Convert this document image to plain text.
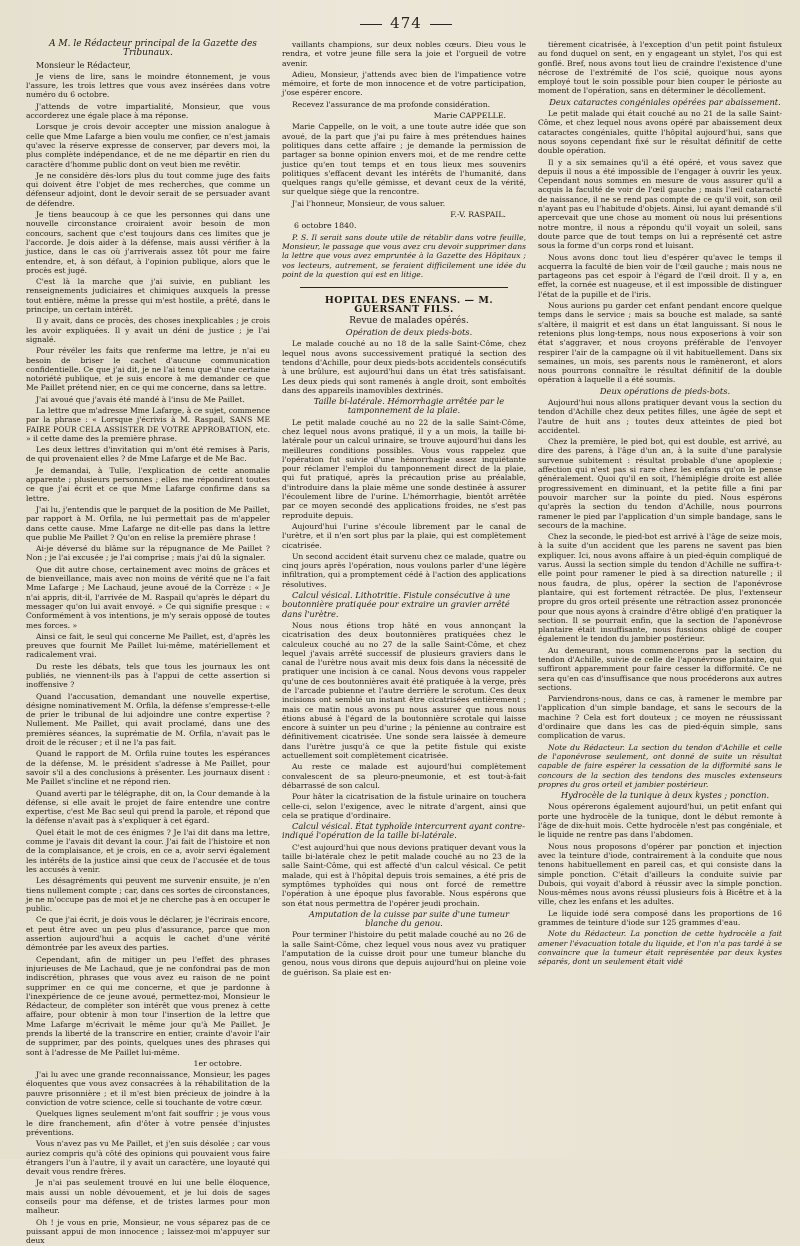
474

A M. le Rédacteur principal de la Gazette des Tribunaux.

Monsieur le Rédacteur,

Je viens de lire, sans le moindre étonnement, je vous l'assure, les trois lettres que vous avez insérées dans votre numéro du 6 octobre.

J'attends de votre impartialité, Monsieur, que vous accorderez une égale place à ma réponse.

Lorsque je crois devoir accepter une mission analogue à celle que Mme Lafarge a bien voulu me confier, ce n'est jamais qu'avec la réserve expresse de conserver, par devers moi, la plus complète indépendance, et de ne me départir en rien du caractère d'homme public dont on veut bien me revêtir.

Je ne considère dès-lors plus du tout comme juge des faits qui doivent être l'objet de mes recherches, que comme un défenseur adjoint, dont le devoir serait de se persuader avant de défendre.

Je tiens beaucoup à ce que les personnes qui dans une nouvelle circonstance croiraient avoir besoin de mon concours, sachent que c'est toujours dans ces limites que je l'accorde. Je dois aider à la défense, mais aussi vérifier à la justice, dans le cas où j'arriverais assez tôt pour me faire entendre, et, à son défaut, à l'opinion publique, alors que le procès est jugé.

C'est là la marche que j'ai suivie, en publiant les renseignements judiciaires et chimiques auxquels la presse tout entière, même la presse qui m'est hostile, a prêté, dans le principe, un certain intérêt.

Il y avait, dans ce procès, des choses inexplicables ; je crois les avoir expliquées. Il y avait un déni de justice ; je l'ai signalé.

Pour révéler les faits que renferme ma lettre, je n'ai eu besoin de briser le cachet d'aucune communication confidentielle. Ce que j'ai dit, je ne l'ai tenu que d'une certaine notoriété publique, et je suis encore à me demander ce que Me Paillet prétend nier, en ce qui me concerne, dans sa lettre.

J'ai avoué que j'avais été mandé à l'insu de Me Paillet.

La lettre que m'adresse Mme Lafarge, à ce sujet, commence par la phrase : « Lorsque j'écrivis à M. Raspail, SANS ME FAIRE POUR CELA ASSISTER DE VOTRE APPROBATION, etc. » il cette dame des la première phrase.

Les deux lettres d'invitation qui m'ont été remises à Paris, de qui provenaient elles ? de Mme Lafarge et de Me Bac.

Je demandai, à Tulle, l'explication de cette anomalie apparente ; plusieurs personnes ; elles me répondirent toutes ce que j'ai écrit et ce que Mme Lafarge confirme dans sa lettre.

J'ai lu, j'entendis que le parquet de la position de Me Paillet, par rapport à M. Orfila, ne lui permettait pas de m'appeler dans cette cause. Mme Lafarge ne dit-elle pas dans la lettre que publie Me Paillet ? Qu'on en relise la première phrase !

Ai-je déversé du blâme sur la répugnance de Me Paillet ? Non ; je l'ai excusée ; je l'ai comprise ; mais j'ai dû la signaler.

Que dit autre chose, certainement avec moins de grâces et de bienveillance, mais avec non moins de vérité que ne l'a fait Mme Lafarge ; Me Lachaud, jeune avoué de la Corrèze : « Je n'ai appris, dit-il, l'arrivée de M. Raspail qu'après le départ du messager qu'on lui avait envoyé. » Ce qui signifie presque : « Conformément à vos intentions, je m'y serais opposé de toutes mes forces. »

Ainsi ce fait, le seul qui concerne Me Paillet, est, d'après les preuves que fournit Me Paillet lui-même, matériellement et radicalement vrai.

Du reste les débats, tels que tous les journaux les ont publiés, ne viennent-ils pas à l'appui de cette assertion si inoffensive ?

Quand l'accusation, demandant une nouvelle expertise, désigne nominativement M. Orfila, la défense s'empresse-t-elle de prier le tribunal de lui adjoindre une contre expertise ? Nullement. Me Paillet, qui avait proclamé, dans une des premières séances, la suprématie de M. Orfila, n'avait pas le droit de le récuser ; et il ne l'a pas fait.

Quand le rapport de M. Orfila ruine toutes les espérances de la défense, M. le président s'adresse à Me Paillet, pour savoir s'il a des conclusions à présenter. Les journaux disent : Me Paillet s'incline et ne répond rien.

Quand averti par le télégraphe, dit on, la Cour demande à la défense, si elle avait le projet de faire entendre une contre expertise, c'est Me Bac seul qui prend la parole, et répond que la défense n'avait pas à s'expliquer à cet égard.

Quel était le mot de ces énigmes ? Je l'ai dit dans ma lettre, comme je l'avais dit devant la cour. J'ai fait de l'histoire et non de la complaisance, et je crois, en ce a, avoir servi également les intérêts de la justice ainsi que ceux de l'accusée et de tous les accusés à venir.

Les désagréments qui peuvent me survenir ensuite, je n'en tiens nullement compte ; car, dans ces sortes de circonstances, je ne m'occupe pas de moi et je ne cherche pas à en occuper le public.

Ce que j'ai écrit, je dois vous le déclarer, je l'écrirais encore, et peut être avec un peu plus d'assurance, parce que mon assertion aujourd'hui a acquis le cachet d'une vérité démontrée par les aveux des parties.

Cependant, afin de mitiger un peu l'effet des phrases injurieuses de Me Lachaud, que je ne confondrai pas de mon indiscrétion, phrases que vous avez eu raison de ne point supprimer en ce qui me concerne, et que je pardonne à l'inexpérience de ce jeune avoué, permettez-moi, Monsieur le Rédacteur, de compléter son intérêt que vous prenez à cette affaire, pour obtenir à mon tour l'insertion de la lettre que Mme Lafarge m'écrivait le même jour qu'à Me Paillet. Je prends la liberté de la transcrire en entier, crainte d'avoir l'air de supprimer, par des points, quelques unes des phrases qui sont à l'adresse de Me Paillet lui-même.

1er octobre.

J'ai lu avec une grande reconnaissance, Monsieur, les pages éloquentes que vous avez consacrées à la réhabilitation de la pauvre prisonnière ; et il m'est bien précieux de joindre à la conviction de votre science, celle si touchante de votre cœur.

Quelques lignes seulement m'ont fait souffrir ; je vous vous le dire franchement, afin d'ôter à votre pensée d'injustes préventions.

Vous n'avez pas vu Me Paillet, et j'en suis désolée ; car vous auriez compris qu'à côté des opinions qui pouvaient vous faire étrangers l'un à l'autre, il y avait un caractère, une loyauté qui devait vous rendre frères.

Je n'ai pas seulement trouvé en lui une belle éloquence, mais aussi un noble dévouement, et je lui dois de sages conseils pour ma défense, et de tristes larmes pour mon malheur.

Oh ! je vous en prie, Monsieur, ne vous séparez pas de ce puissant appui de mon innocence ; laissez-moi m'appuyer sur deux

vaillants champions, sur deux nobles cœurs. Dieu vous le rendra, et votre jeune fille sera la joie et l'orgueil de votre avenir.

Adieu, Monsieur, j'attends avec bien de l'impatience votre mémoire, et forte de mon innocence et de votre participation, j'ose espérer encore.

Recevez l'assurance de ma profonde considération.

Marie CAPPELLE.

Marie Cappelle, on le voit, a une toute autre idée que son avoué, de la part que j'ai pu faire à mes prétendues haines politiques dans cette affaire ; je demande la permission de partager sa bonne opinion envers moi, et de me rendre cette justice qu'en tout temps et en tous lieux mes souvenirs politiques s'effacent devant les intérêts de l'humanité, dans quelques rangs qu'elle gémisse, et devant ceux de la vérité, sur quelque siège que la rencontre.

J'ai l'honneur, Monsieur, de vous saluer.

F.-V. RASPAIL.

6 octobre 1840.

P. S. Il serait sans doute utile de rétablir dans votre feuille, Monsieur, le passage que vous avez cru devoir supprimer dans la lettre que vous avez empruntée à la Gazette des Hôpitaux ; vos lecteurs, autrement, se feraient difficilement une idée du point de la question qui est en litige.

HOPITAL DES ENFANS. — M. GUERSANT FILS.

Revue de malades opérés.

Opération de deux pieds-bots.

Le malade couché au no 18 de la salle Saint-Côme, chez lequel nous avons successivement pratiqué la section des tendons d'Achille, pour deux pieds-bots accidentels consécutifs à une brûlure, est aujourd'hui dans un état très satisfaisant. Les deux pieds qui sont ramenés à angle droit, sont emboîtés dans des appareils inamovibles dextrinés.

Taille bi-latérale. Hémorrhagie arrêtée par le tamponnement de la plaie.

Le petit malade couché au no 22 de la salle Saint-Côme, chez lequel nous avons pratiqué, il y a un mois, la taille bi-latérale pour un calcul urinaire, se trouve aujourd'hui dans les meilleures conditions possibles. Vous vous rappelez que l'opération fut suivie d'une hémorrhagie assez inquiétante pour réclamer l'emploi du tamponnement direct de la plaie, qui fut pratiqué, après la précaution prise au préalable, d'introduire dans la plaie même une sonde destinée à assurer l'écoulement libre de l'urine. L'hémorrhagie, bientôt arrêtée par ce moyen secondé des applications froides, ne s'est pas reproduite depuis.

Aujourd'hui l'urine s'écoule librement par le canal de l'urètre, et il n'en sort plus par la plaie, qui est complètement cicatrisée.

Un second accident était survenu chez ce malade, quatre ou cinq jours après l'opération, nous voulons parler d'une légère infiltration, qui a promptement cédé à l'action des applications résolutives.

Calcul vésical. Lithotritie. Fistule consécutive à une boutonnière pratiquée pour extraire un gravier arrêté dans l'urètre.

Nous nous étions trop hâté en vous annonçant la cicatrisation des deux boutonnières pratiquées chez le calculeux couché au no 27 de la salle Saint-Côme, et chez lequel j'avais arrêté successif de plusieurs graviers dans le canal de l'urètre nous avait mis deux fois dans la nécessité de pratiquer une incision à ce canal. Nous devons vous rappeler qu'une de ces boutonnières avait été pratiquée à la verge, près de l'arcade pubienne et l'autre derrière le scrotum. Ces deux incisions ont semblé un instant être cicatrisées entièrement ; mais ce matin nous avons pu nous assurer que nous nous étions abusé à l'égard de la boutonnière scrotale qui laisse encore à suinter un peu d'urine ; la pénienne au contraire est définitivement cicatrisée. Une sonde sera laissée à demeure dans l'urètre jusqu'à ce que la petite fistule qui existe actuellement soit complètement cicatrisée.

Au reste ce malade est aujourd'hui complètement convalescent de sa pleuro-pneumonie, et est tout-à-fait débarrassé de son calcul.

Pour hâter la cicatrisation de la fistule urinaire on touchera celle-ci, selon l'exigence, avec le nitrate d'argent, ainsi que cela se pratique d'ordinaire.

Calcul vésical. État typhoïde intercurrent ayant contre-indiqué l'opération de la taille bi-latérale.

C'est aujourd'hui que nous devions pratiquer devant vous la taille bi-latérale chez le petit malade couché au no 23 de la salle Saint-Côme, qui est affecté d'un calcul vésical. Ce petit malade, qui est à l'hôpital depuis trois semaines, a été pris de symptômes typhoïdes qui nous ont forcé de remettre l'opération à une époque plus favorable. Nous espérons que son état nous permettra de l'opérer jeudi prochain.

Amputation de la cuisse par suite d'une tumeur blanche du genou.

Pour terminer l'histoire du petit malade couché au no 26 de la salle Saint-Côme, chez lequel vous nous avez vu pratiquer l'amputation de la cuisse droit pour une tumeur blanche du genou, nous vous dirons que depuis aujourd'hui on pleine voie de guérison. Sa plaie est en-

tièrement cicatrisée, à l'exception d'un petit point fistuleux au fond duquel on sent, en y engageant un stylet, l'os qui est gonflé. Bref, nous avons tout lieu de craindre l'existence d'une nécrose de l'extrémité de l'os scié, quoique nous ayons employé tout le soin possible pour bien couper le périoste au moment de l'opération, sans en déterminer le décollement.

Deux cataractes congéniales opérées par abaissement.

Le petit malade qui était couché au no 21 de la salle Saint-Côme, et chez lequel nous avons opéré par abaissement deux cataractes congéniales, quitte l'hôpital aujourd'hui, sans que nous soyons cependant fixé sur le résultat définitif de cette double opération.

Il y a six semaines qu'il a été opéré, et vous savez que depuis il nous a été impossible de l'engager à ouvrir les yeux. Cependant nous sommes en mesure de vous assurer qu'il a acquis la faculté de voir de l'œil gauche ; mais l'œil cataracté de naissance, il ne se rend pas compte de ce qu'il voit, son œil n'ayant pas eu l'habitude d'objets. Ainsi, lui ayant demandé s'il apercevait que une chose au moment où nous lui présentions notre montre, il nous a répondu qu'il voyait un soleil, sans doute parce que de tout temps on lui a représenté cet astre sous la forme d'un corps rond et luisant.

Nous avons donc tout lieu d'espérer qu'avec le temps il acquerra la faculté de bien voir de l'œil gauche ; mais nous ne partageons pas cet espoir à l'égard de l'œil droit. Il y a, en effet, la cornée est nuageuse, et il est impossible de distinguer l'état de la pupille et de l'iris.

Nous aurions pu garder cet enfant pendant encore quelque temps dans le service ; mais sa bouche est malade, sa santé s'altère, il maigrit et est dans un état languissant. Si nous le retenions plus long-temps, nous nous exposerions à voir son état s'aggraver, et nous croyons préférable de l'envoyer respirer l'air de la campagne où il vit habituellement. Dans six semaines, un mois, ses parents nous le ramèneront, et alors nous pourrons connaître le résultat définitif de la double opération à laquelle il a été soumis.

Deux opérations de pieds-bots.

Aujourd'hui nous allons pratiquer devant vous la section du tendon d'Achille chez deux petites filles, une âgée de sept et l'autre de huit ans ; toutes deux atteintes de pied bot accidentel.

Chez la première, le pied bot, qui est double, est arrivé, au dire des parens, à l'âge d'un an, à la suite d'une paralysie survenue subitement : résultat probable d'une apoplexie ; affection qui n'est pas si rare chez les enfans qu'on le pense généralement. Quoi qu'il en soit, l'hémiplégie droite est allée progressivement en diminuant, et la petite fille a fini par pouvoir marcher sur la pointe du pied. Nous espérons qu'après la section du tendon d'Achille, nous pourrons ramener le pied par l'application d'un simple bandage, sans le secours de la machine.

Chez la seconde, le pied-bot est arrivé à l'âge de seize mois, à la suite d'un accident que les parens ne savent pas bien expliquer. Ici, nous avons affaire à un pied-équin compliqué de varus. Aussi la section simple du tendon d'Achille ne suffira-t-elle point pour ramener le pied à sa direction naturelle ; il nous faudra, de plus, opérer la section de l'aponévrose plantaire, qui est fortement rétractée. De plus, l'extenseur propre du gros orteil présente une rétraction assez prononcée pour que nous ayons à craindre d'être obligé d'en pratiquer la section. Il se pourrait enfin, que la section de l'aponévrose plantaire était insuffisante, nous fussions obligé de couper également le tendon du jambier postérieur.

Au demeurant, nous commencerons par la section du tendon d'Achille, suivie de celle de l'aponévrose plantaire, qui suffiront apparemment pour faire cesser la difformité. Ce ne sera qu'en cas d'insuffisance que nous procéderons aux autres sections.

Parviendrons-nous, dans ce cas, à ramener le membre par l'application d'un simple bandage, et sans le secours de la machine ? Cela est fort douteux ; ce moyen ne réussissant d'ordinaire que dans les cas de pied-équin simple, sans complication de varus.

Note du Rédacteur. La section du tendon d'Achille et celle de l'aponévrose seulement, ont donné de suite un résultat capable de faire espérer la cessation de la difformité sans le concours de la section des tendons des muscles extenseurs propres du gros orteil et jambier postérieur.

Hydrocèle de la tunique à deux kystes ; ponction.

Nous opérerons également aujourd'hui, un petit enfant qui porte une hydrocèle de la tunique, dont le début remonte à l'âge de dix-huit mois. Cette hydrocèle n'est pas congéniale, et le liquide ne rentre pas dans l'abdomen.

Nous nous proposons d'opérer par ponction et injection avec la teinture d'iode, contrairement à la conduite que nous tenons habituellement en pareil cas, et qui consiste dans la simple ponction. C'était d'ailleurs la conduite suivie par Dubois, qui voyait d'abord à réussir avec la simple ponction. Nous-mêmes nous avons réussi plusieurs fois à Bicêtre et à la ville, chez les enfans et les adultes.

Le liquide iodé sera composé dans les proportions de 16 grammes de teinture d'iode sur 125 grammes d'eau.

Note du Rédacteur. La ponction de cette hydrocèle a fait amener l'évacuation totale du liquide, et l'on n'a pas tardé à se convaincre que la tumeur était représentée par deux kystes séparés, dont un seulement était vidé
